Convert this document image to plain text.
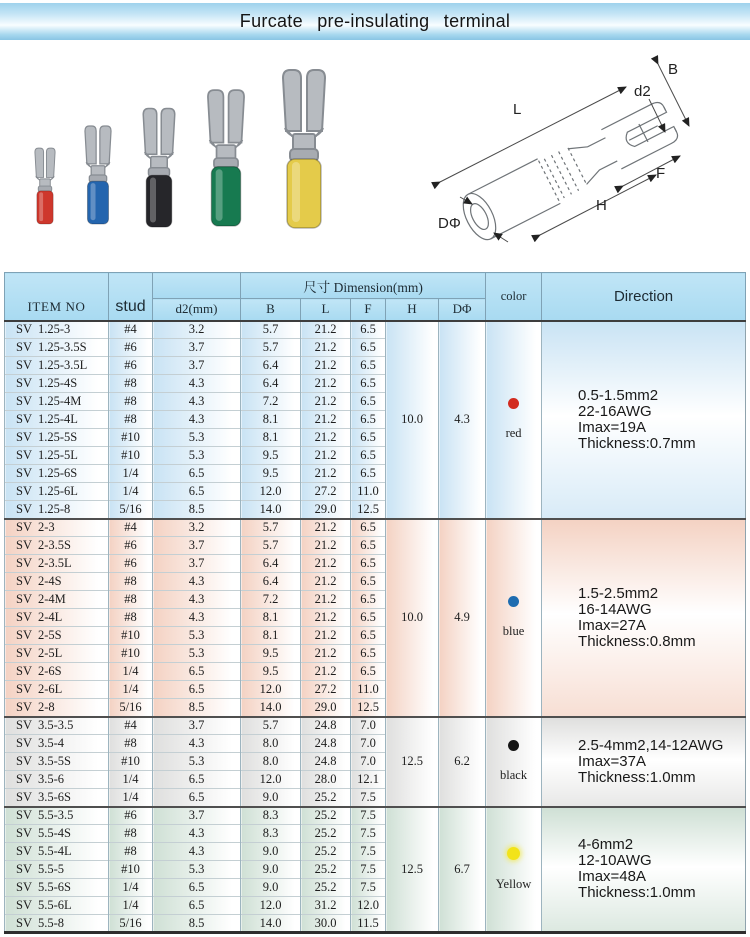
Furcate pre-insulating terminal
L
B
d2
F
H
DΦ
ITEM NO	stud		尺寸 Dimension(mm)					color	Direction
		d2(mm)	B	L	F	H	DΦ		
SV  1.25-3	#4	3.2	5.7	21.2	6.5	10.0	4.3	red	0.5-1.5mm2
22-16AWG
Imax=19A
Thickness:0.7mm

SV  1.25-3.5S	#6	3.7	5.7	21.2	6.5				
SV  1.25-3.5L	#6	3.7	6.4	21.2	6.5				
SV  1.25-4S	#8	4.3	6.4	21.2	6.5				
SV  1.25-4M	#8	4.3	7.2	21.2	6.5				
SV  1.25-4L	#8	4.3	8.1	21.2	6.5				
SV  1.25-5S	#10	5.3	8.1	21.2	6.5				
SV  1.25-5L	#10	5.3	9.5	21.2	6.5				
SV  1.25-6S	1/4	6.5	9.5	21.2	6.5				
SV  1.25-6L	1/4	6.5	12.0	27.2	11.0				
SV  1.25-8	5/16	8.5	14.0	29.0	12.5				
SV  2-3	#4	3.2	5.7	21.2	6.5	10.0	4.9	blue	1.5-2.5mm2
16-14AWG
Imax=27A
Thickness:0.8mm

SV  2-3.5S	#6	3.7	5.7	21.2	6.5				
SV  2-3.5L	#6	3.7	6.4	21.2	6.5				
SV  2-4S	#8	4.3	6.4	21.2	6.5				
SV  2-4M	#8	4.3	7.2	21.2	6.5				
SV  2-4L	#8	4.3	8.1	21.2	6.5				
SV  2-5S	#10	5.3	8.1	21.2	6.5				
SV  2-5L	#10	5.3	9.5	21.2	6.5				
SV  2-6S	1/4	6.5	9.5	21.2	6.5				
SV  2-6L	1/4	6.5	12.0	27.2	11.0				
SV  2-8	5/16	8.5	14.0	29.0	12.5				
SV  3.5-3.5	#4	3.7	5.7	24.8	7.0	12.5	6.2	black	2.5-4mm2,14-12AWG
Imax=37A
Thickness:1.0mm

SV  3.5-4	#8	4.3	8.0	24.8	7.0				
SV  3.5-5S	#10	5.3	8.0	24.8	7.0				
SV  3.5-6	1/4	6.5	12.0	28.0	12.1				
SV  3.5-6S	1/4	6.5	9.0	25.2	7.5				
SV  5.5-3.5	#6	3.7	8.3	25.2	7.5	12.5	6.7	Yellow	4-6mm2
12-10AWG
Imax=48A
Thickness:1.0mm

SV  5.5-4S	#8	4.3	8.3	25.2	7.5				
SV  5.5-4L	#8	4.3	9.0	25.2	7.5				
SV  5.5-5	#10	5.3	9.0	25.2	7.5				
SV  5.5-6S	1/4	6.5	9.0	25.2	7.5				
SV  5.5-6L	1/4	6.5	12.0	31.2	12.0				
SV  5.5-8	5/16	8.5	14.0	30.0	11.5				
